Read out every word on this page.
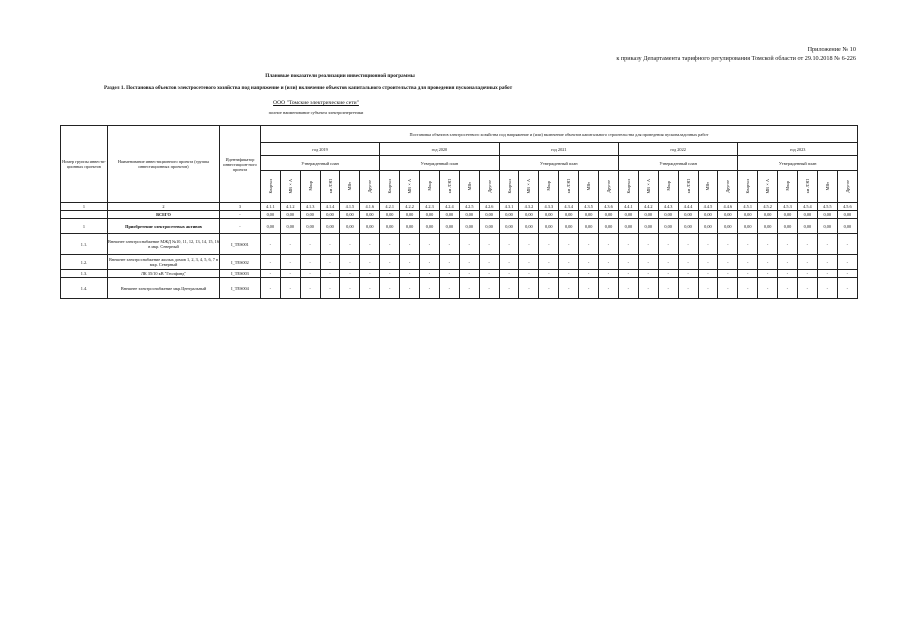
Приложение № 10
к приказу Департамента тарифного регулирования Томской области от 29.10.2018 № 6-226
Плановые показатели реализации инвестиционной программы
Раздел 1. Постановка объектов электросетевого хозяйства под напряжение и (или) включение объектов капитального строительства для проведения пусконаладочных работ
ООО "Томские электрические сети"
полное наименование субъекта электроэнергетики
Номер группы инвести-ционных проектов	Наименование инвестиционного проекта (группы инвестиционных проектов)	Идентификатор инвестицион-ного проекта	Постановка объектов электросетевого хозяйства под напряжение и (или) включение объектов капитального строительства для проведения пусконаладочных работ																													
			год 2019						год 2020						год 2021						год 2022						год 2023					
			Утвержденный план						Утвержденный план						Утвержденный план						Утвержденный план						Утвержденный план					
			Квартал	МВ×А	Мвар	км ЛЭП	МВт	Другое	Квартал	МВ×А	Мвар	км ЛЭП	МВт	Другое	Квартал	МВ×А	Мвар	км ЛЭП	МВт	Другое	Квартал	МВ×А	Мвар	км ЛЭП	МВт	Другое	Квартал	МВ×А	Мвар	км ЛЭП	МВт	Другое
1	2	3	4.1.1	4.1.2	4.1.3	4.1.4	4.1.5	4.1.6	4.2.1	4.2.2	4.2.3	4.2.4	4.2.5	4.2.6	4.3.1	4.3.2	4.3.3	4.3.4	4.3.5	4.3.6	4.4.1	4.4.2	4.4.3	4.4.4	4.4.5	4.4.6	4.5.1	4.5.2	4.5.3	4.5.4	4.5.5	4.5.6
	ВСЕГО	-	0,00	0,00	0,00	0,00	0,00	0,00	0,00	0,00	0,00	0,00	0,00	0,00	0,00	0,00	0,00	0,00	0,00	0,00	0,00	0,00	0,00	0,00	0,00	0,00	0,00	0,00	0,00	0,00	0,00	0,00
1	Приобретение электросетевых активов	-	0,00	0,00	0,00	0,00	0,00	0,00	0,00	0,00	0,00	0,00	0,00	0,00	0,00	0,00	0,00	0,00	0,00	0,00	0,00	0,00	0,00	0,00	0,00	0,00	0,00	0,00	0,00	0,00	0,00	0,00
1.1.	Внешнее электроснабжение МЖД №10, 11, 12, 13, 14, 15, 16 в мкр. Северный	I_TES001	-	-	-	-	-	-	-	-	-	-	-	-	-	-	-	-	-	-	-	-	-	-	-	-	-	-	-	-	-	-
1.2.	Внешнее электроснабжение жилых домов 1, 2, 3, 4, 5, 6, 7 в мкр. Северный	I_TES002	-	-	-	-	-	-	-	-	-	-	-	-	-	-	-	-	-	-	-	-	-	-	-	-	-	-	-	-	-	-
1.3.	ЛК 35/10 кВ "Геолфинд"	I_TES003	-	-	-	-	-	-	-	-	-	-	-	-	-	-	-	-	-	-	-	-	-	-	-	-	-	-	-	-	-	-
1.4.	Внешнее электроснабжение мкр.Центральный	I_TES004	-	-	-	-	-	-	-	-	-	-	-	-	-	-	-	-	-	-	-	-	-	-	-	-	-	-	-	-	-	-
